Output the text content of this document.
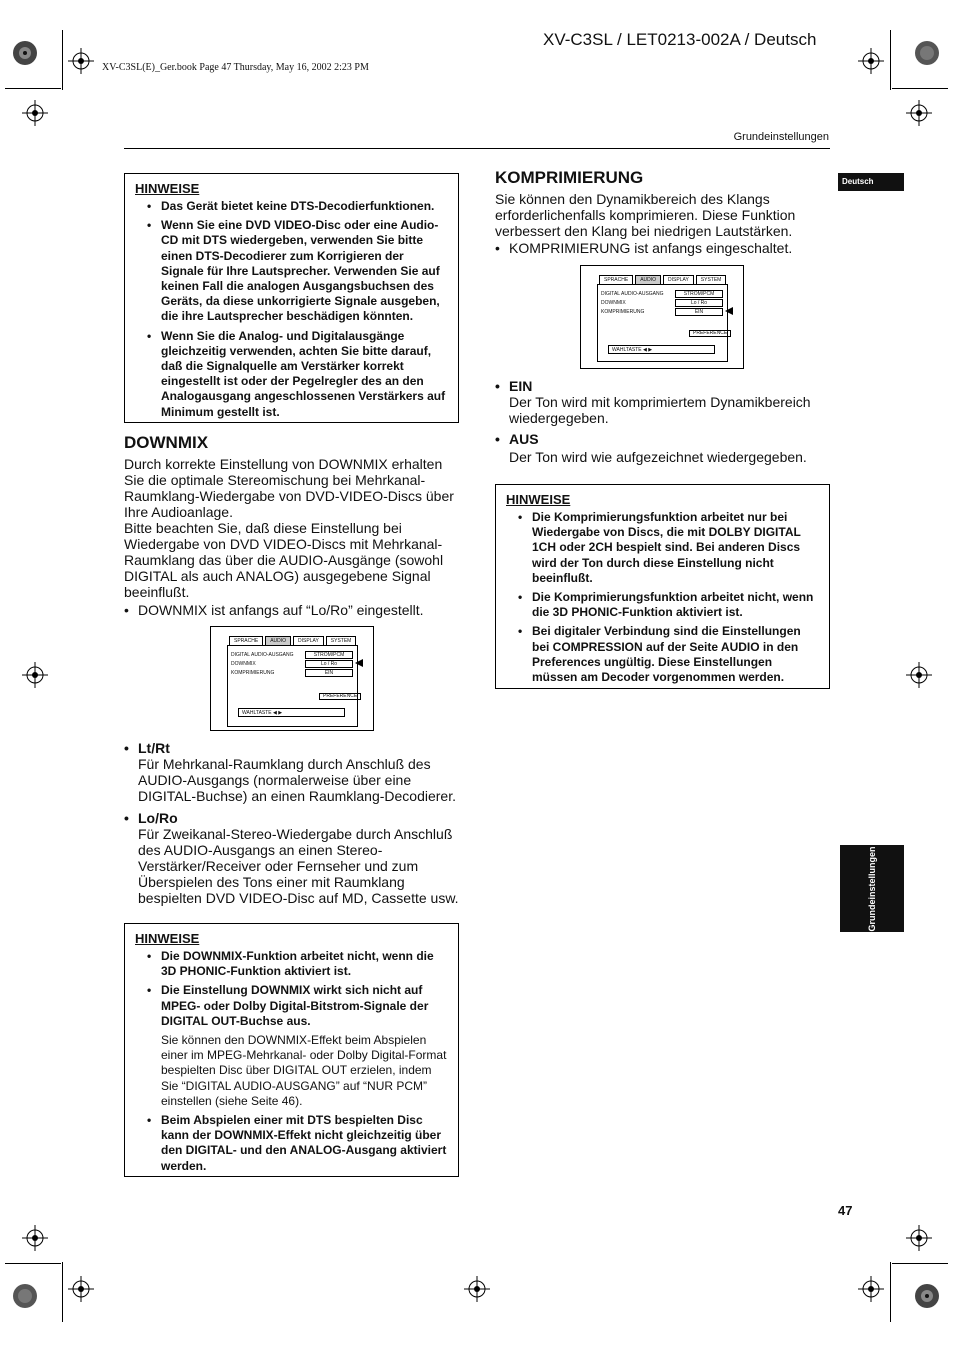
XV-C3SL / LET0213-002A / Deutsch
XV-C3SL(E)_Ger.book Page 47 Thursday, May 16, 2002 2:23 PM
Grundeinstellungen
Deutsch
Grundeinstellungen
HINWEISE
• Das Gerät bietet keine DTS-Decodierfunktionen.
• Wenn Sie eine DVD VIDEO-Disc oder eine Audio-CD mit DTS wiedergeben, verwenden Sie bitte einen DTS-Decodierer zum Korrigieren der Signale für Ihre Lautsprecher. Verwenden Sie auf keinen Fall die analogen Ausgangsbuchsen des Geräts, da diese unkorrigierte Signale ausgeben, die ihre Lautsprecher beschädigen könnten.
• Wenn Sie die Analog- und Digitalausgänge gleichzeitig verwenden, achten Sie bitte darauf, daß die Signalquelle am Verstärker korrekt eingestellt ist oder der Pegelregler des an den Analogausgang angeschlossenen Verstärkers auf Minimum gestellt ist.
DOWNMIX

Durch korrekte Einstellung von DOWNMIX erhalten Sie die optimale Stereomischung bei Mehrkanal-Raumklang-Wiedergabe von DVD-VIDEO-Discs über Ihre Audioanlage.

Bitte beachten Sie, daß diese Einstellung bei Wiedergabe von DVD VIDEO-Discs mit Mehrkanal-Raumklang das über die AUDIO-Ausgänge (sowohl DIGITAL als auch ANALOG) ausgegebene Signal beeinflußt.

• DOWNMIX ist anfangs auf “Lo/Ro” eingestellt.

SPRACHE	AUDIO	DISPLAY	SYSTEM
DIGITAL AUDIO-AUSGANG
DOWNMIX
KOMPRIMIERUNG
STROM/PCM
Lo / Ro
EIN
PREFERENCE
WAHLTASTE ◀ ▶

• Lt/Rt

Für Mehrkanal-Raumklang durch Anschluß des AUDIO-Ausgangs (normalerweise über eine DIGITAL-Buchse) an einen Raumklang-Decodierer.

• Lo/Ro

Für Zweikanal-Stereo-Wiedergabe durch Anschluß des AUDIO-Ausgangs an einen Stereo-Verstärker/Receiver oder Fernseher und zum Überspielen des Tons einer mit Raumklang bespielten DVD VIDEO-Disc auf MD, Cassette usw.

HINWEISE
• Die DOWNMIX-Funktion arbeitet nicht, wenn die 3D PHONIC-Funktion aktiviert ist.
• Die Einstellung DOWNMIX wirkt sich nicht auf MPEG- oder Dolby Digital-Bitstrom-Signale der DIGITAL OUT-Buchse aus.
Sie können den DOWNMIX-Effekt beim Abspielen einer im MPEG-Mehrkanal- oder Dolby Digital-Format bespielten Disc über DIGITAL OUT erzielen, indem Sie “DIGITAL AUDIO-AUSGANG” auf “NUR PCM” einstellen (siehe Seite 46).
• Beim Abspielen einer mit DTS bespielten Disc kann der DOWNMIX-Effekt nicht gleichzeitig über den DIGITAL- und den ANALOG-Ausgang aktiviert werden.
KOMPRIMIERUNG

Sie können den Dynamikbereich des Klangs erforderlichenfalls komprimieren. Diese Funktion verbessert den Klang bei niedrigen Lautstärken.

• KOMPRIMIERUNG ist anfangs eingeschaltet.

SPRACHE	AUDIO	DISPLAY	SYSTEM
DIGITAL AUDIO-AUSGANG
DOWNMIX
KOMPRIMIERUNG
STROM/PCM
Lo / Ro
EIN
PREFERENCE
WAHLTASTE ◀ ▶

• EIN

Der Ton wird mit komprimiertem Dynamikbereich wiedergegeben.

• AUS

Der Ton wird wie aufgezeichnet wiedergegeben.

HINWEISE
• Die Komprimierungsfunktion arbeitet nur bei Wiedergabe von Discs, die mit DOLBY DIGITAL 1CH oder 2CH bespielt sind. Bei anderen Discs wird der Ton durch diese Einstellung nicht beeinflußt.
• Die Komprimierungsfunktion arbeitet nicht, wenn die 3D PHONIC-Funktion aktiviert ist.
• Bei digitaler Verbindung sind die Einstellungen bei COMPRESSION auf der Seite AUDIO in den Preferences ungültig. Diese Einstellungen müssen am Decoder vorgenommen werden.
47
